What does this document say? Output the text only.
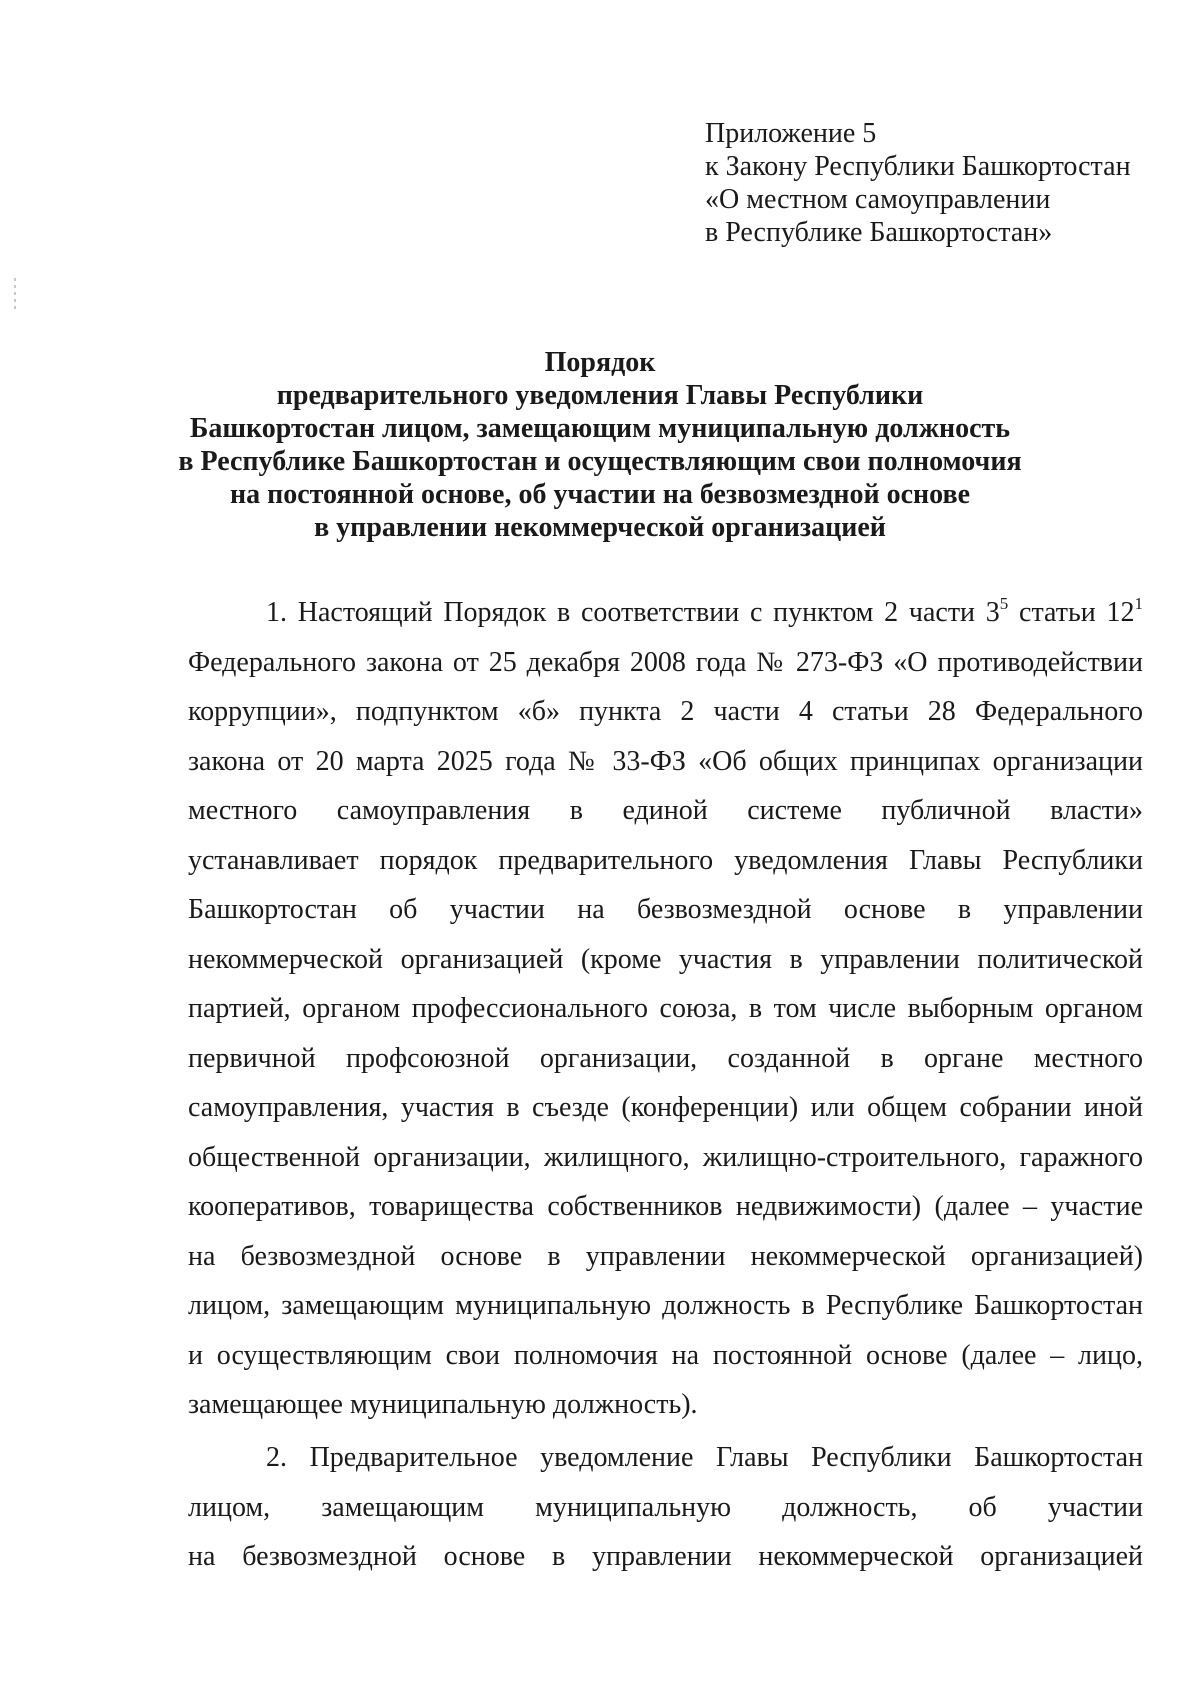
Приложение 5
к Закону Республики Башкортостан
«О местном самоуправлении
в Республике Башкортостан»
Порядок
предварительного уведомления Главы Республики
Башкортостан лицом, замещающим муниципальную должность
в Республике Башкортостан и осуществляющим свои полномочия
на постоянной основе, об участии на безвозмездной основе
в управлении некоммерческой организацией
1. Настоящий Порядок в соответствии с пунктом 2 части $3^5$ статьи $12^1$
Федерального закона от 25 декабря 2008 года № 273-ФЗ «О противодействии
коррупции», подпунктом «б» пункта 2 части 4 статьи 28 Федерального
закона от 20 марта 2025 года № 33-ФЗ «Об общих принципах организации
местного самоуправления в единой системе публичной власти»
устанавливает порядок предварительного уведомления Главы Республики
Башкортостан об участии на безвозмездной основе в управлении
некоммерческой организацией (кроме участия в управлении политической
партией, органом профессионального союза, в том числе выборным органом
первичной профсоюзной организации, созданной в органе местного
самоуправления, участия в съезде (конференции) или общем собрании иной
общественной организации, жилищного, жилищно-строительного, гаражного
кооперативов, товарищества собственников недвижимости) (далее – участие
на безвозмездной основе в управлении некоммерческой организацией)
лицом, замещающим муниципальную должность в Республике Башкортостан
и осуществляющим свои полномочия на постоянной основе (далее – лицо,
замещающее муниципальную должность).
2. Предварительное уведомление Главы Республики Башкортостан
лицом, замещающим муниципальную должность, об участии
на безвозмездной основе в управлении некоммерческой организацией
